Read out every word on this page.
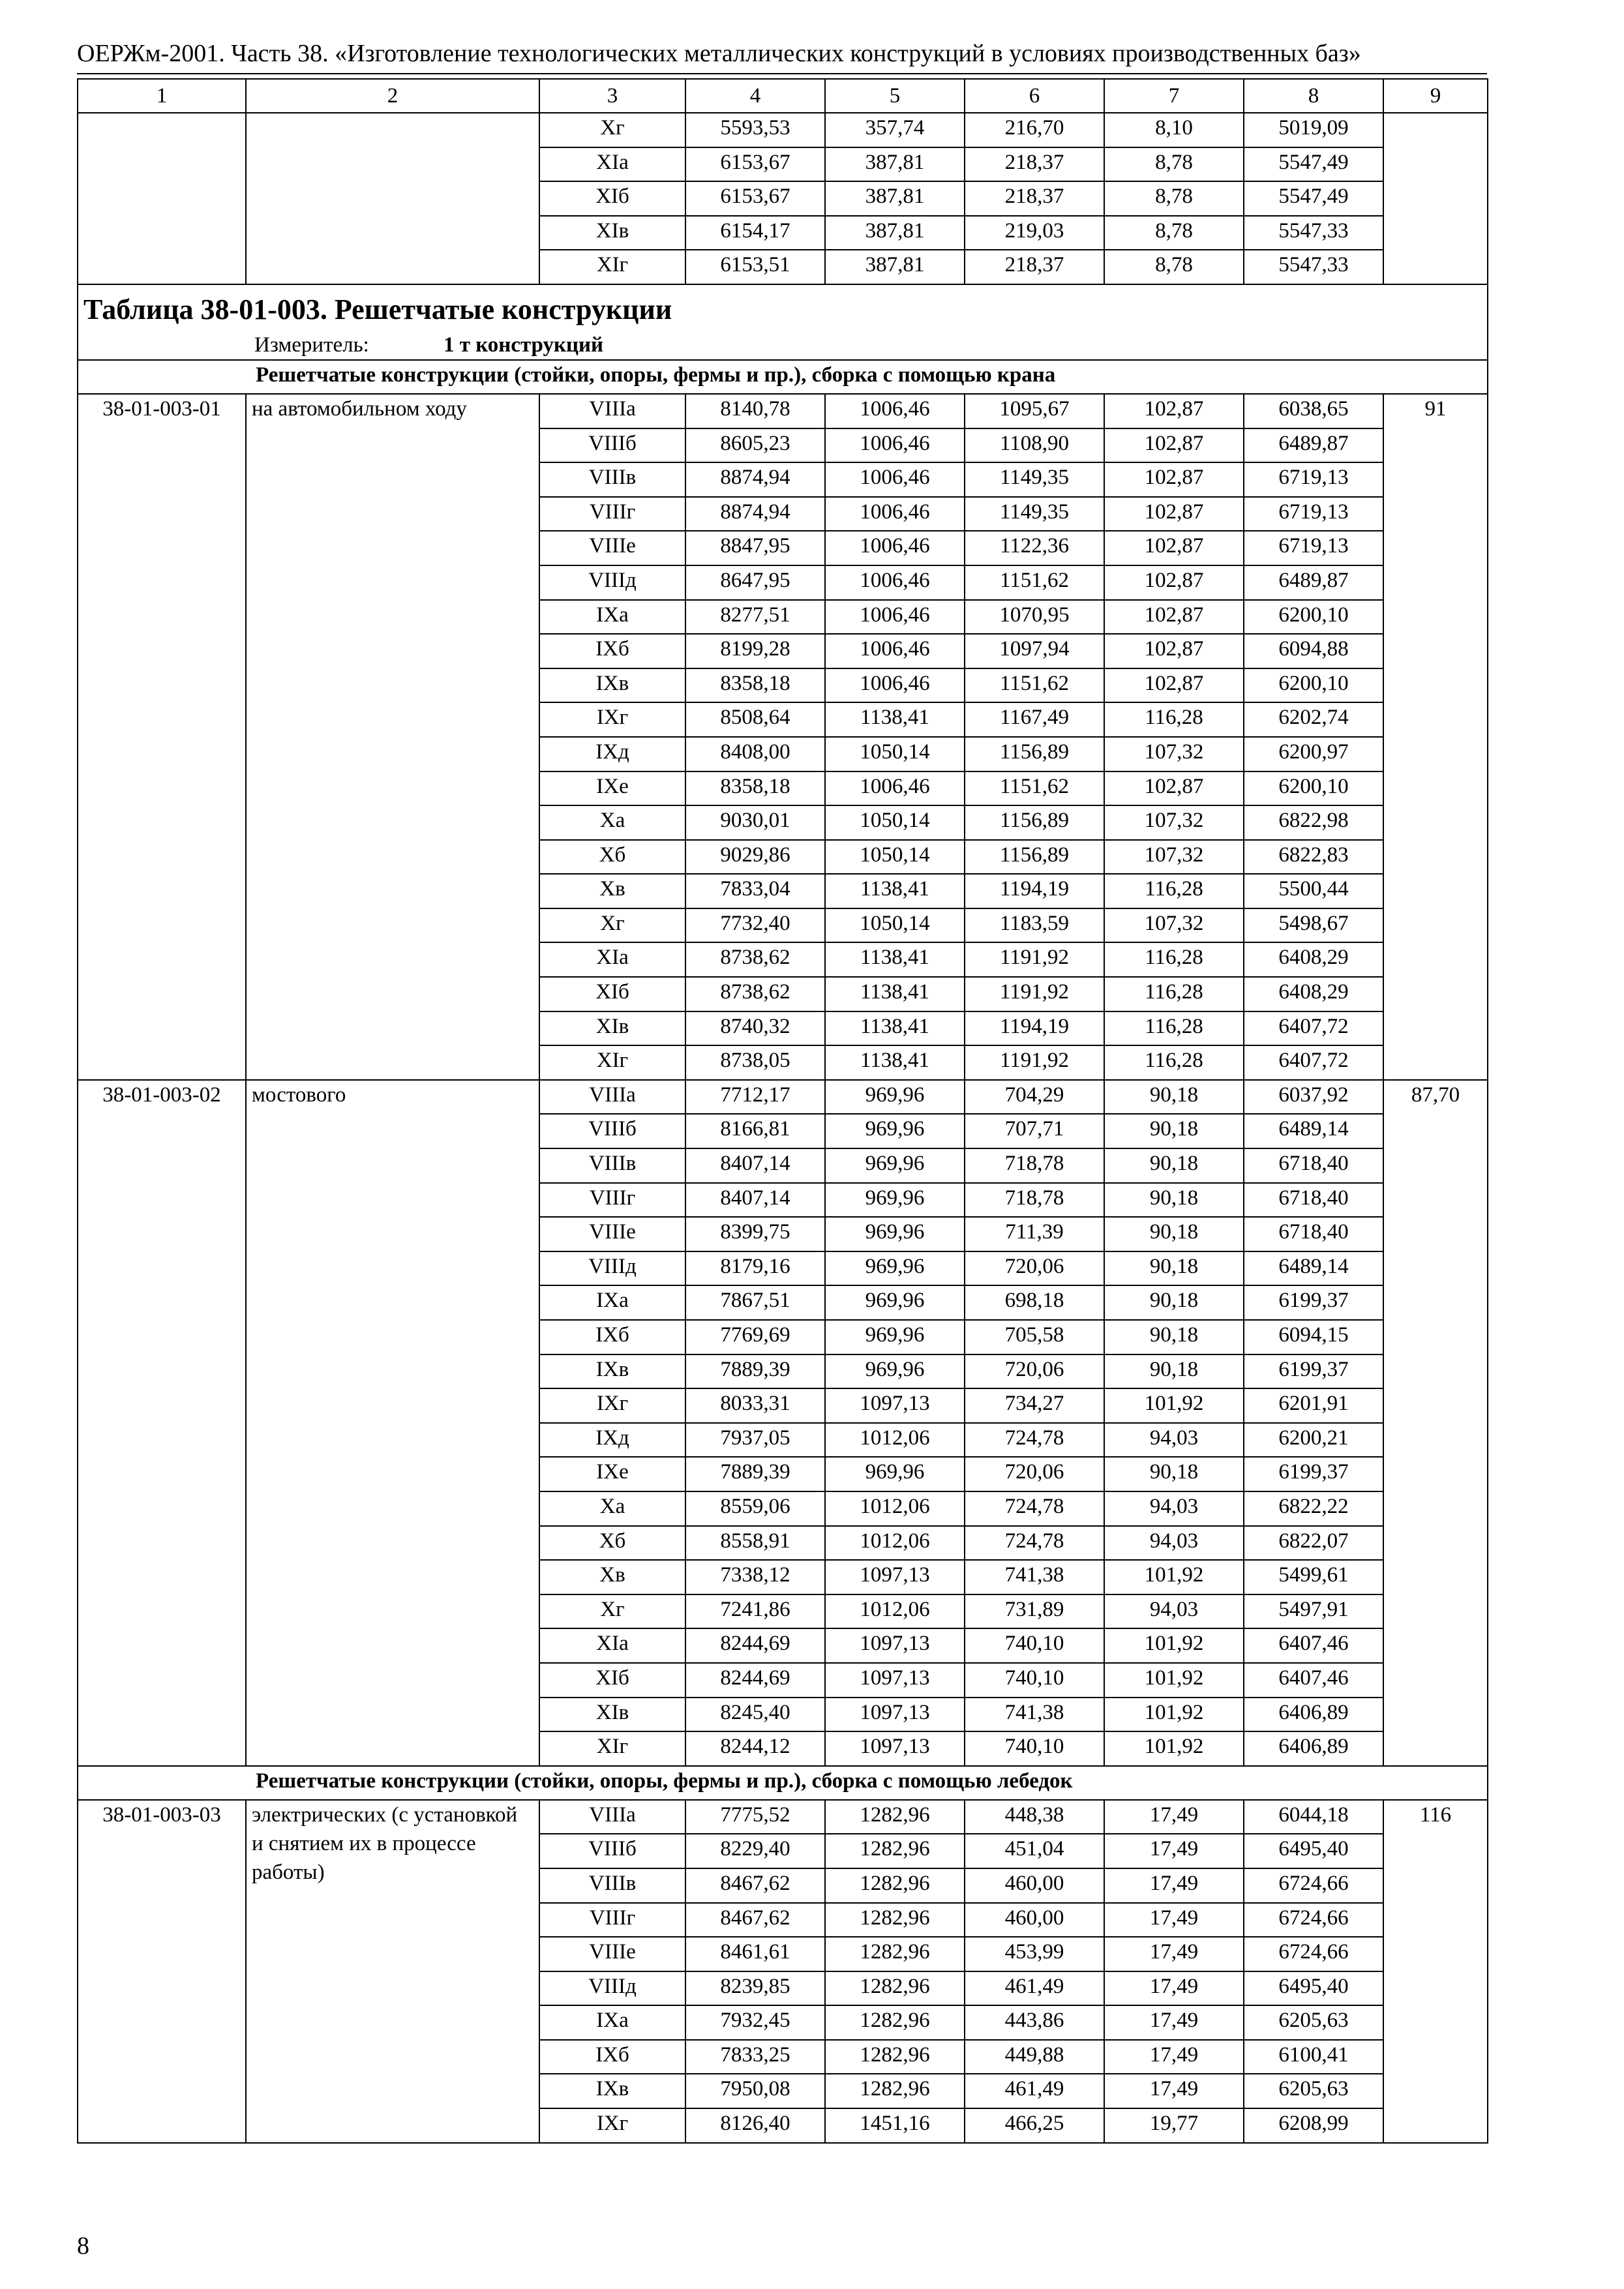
ОЕРЖм-2001. Часть 38. «Изготовление технологических металлических конструкций в условиях производственных баз»
1	2	3	4	5	6	7	8	9
		Xг	5593,53	357,74	216,70	8,10	5019,09	
		XIа	6153,67	387,81	218,37	8,78	5547,49	
		XIб	6153,67	387,81	218,37	8,78	5547,49	
		XIв	6154,17	387,81	219,03	8,78	5547,33	
		XIг	6153,51	387,81	218,37	8,78	5547,33	
Таблица 38-01-003. Решетчатые конструкции								
Измеритель: 1 т конструкций								
Решетчатые конструкции (стойки, опоры, фермы и пр.), сборка с помощью крана								
38-01-003-01	на автомобильном ходу	VIIIа	8140,78	1006,46	1095,67	102,87	6038,65	91
		VIIIб	8605,23	1006,46	1108,90	102,87	6489,87	
		VIIIв	8874,94	1006,46	1149,35	102,87	6719,13	
		VIIIг	8874,94	1006,46	1149,35	102,87	6719,13	
		VIIIе	8847,95	1006,46	1122,36	102,87	6719,13	
		VIIIд	8647,95	1006,46	1151,62	102,87	6489,87	
		IXа	8277,51	1006,46	1070,95	102,87	6200,10	
		IXб	8199,28	1006,46	1097,94	102,87	6094,88	
		IXв	8358,18	1006,46	1151,62	102,87	6200,10	
		IXг	8508,64	1138,41	1167,49	116,28	6202,74	
		IXд	8408,00	1050,14	1156,89	107,32	6200,97	
		IXе	8358,18	1006,46	1151,62	102,87	6200,10	
		Xа	9030,01	1050,14	1156,89	107,32	6822,98	
		Xб	9029,86	1050,14	1156,89	107,32	6822,83	
		Xв	7833,04	1138,41	1194,19	116,28	5500,44	
		Xг	7732,40	1050,14	1183,59	107,32	5498,67	
		XIа	8738,62	1138,41	1191,92	116,28	6408,29	
		XIб	8738,62	1138,41	1191,92	116,28	6408,29	
		XIв	8740,32	1138,41	1194,19	116,28	6407,72	
		XIг	8738,05	1138,41	1191,92	116,28	6407,72	
38-01-003-02	мостового	VIIIа	7712,17	969,96	704,29	90,18	6037,92	87,70
		VIIIб	8166,81	969,96	707,71	90,18	6489,14	
		VIIIв	8407,14	969,96	718,78	90,18	6718,40	
		VIIIг	8407,14	969,96	718,78	90,18	6718,40	
		VIIIе	8399,75	969,96	711,39	90,18	6718,40	
		VIIIд	8179,16	969,96	720,06	90,18	6489,14	
		IXа	7867,51	969,96	698,18	90,18	6199,37	
		IXб	7769,69	969,96	705,58	90,18	6094,15	
		IXв	7889,39	969,96	720,06	90,18	6199,37	
		IXг	8033,31	1097,13	734,27	101,92	6201,91	
		IXд	7937,05	1012,06	724,78	94,03	6200,21	
		IXе	7889,39	969,96	720,06	90,18	6199,37	
		Xа	8559,06	1012,06	724,78	94,03	6822,22	
		Xб	8558,91	1012,06	724,78	94,03	6822,07	
		Xв	7338,12	1097,13	741,38	101,92	5499,61	
		Xг	7241,86	1012,06	731,89	94,03	5497,91	
		XIа	8244,69	1097,13	740,10	101,92	6407,46	
		XIб	8244,69	1097,13	740,10	101,92	6407,46	
		XIв	8245,40	1097,13	741,38	101,92	6406,89	
		XIг	8244,12	1097,13	740,10	101,92	6406,89	
Решетчатые конструкции (стойки, опоры, фермы и пр.), сборка с помощью лебедок								
38-01-003-03	электрических (с установкой и снятием их в процессе работы)	VIIIа	7775,52	1282,96	448,38	17,49	6044,18	116
		VIIIб	8229,40	1282,96	451,04	17,49	6495,40	
		VIIIв	8467,62	1282,96	460,00	17,49	6724,66	
		VIIIг	8467,62	1282,96	460,00	17,49	6724,66	
		VIIIе	8461,61	1282,96	453,99	17,49	6724,66	
		VIIIд	8239,85	1282,96	461,49	17,49	6495,40	
		IXа	7932,45	1282,96	443,86	17,49	6205,63	
		IXб	7833,25	1282,96	449,88	17,49	6100,41	
		IXв	7950,08	1282,96	461,49	17,49	6205,63	
		IXг	8126,40	1451,16	466,25	19,77	6208,99	
8
